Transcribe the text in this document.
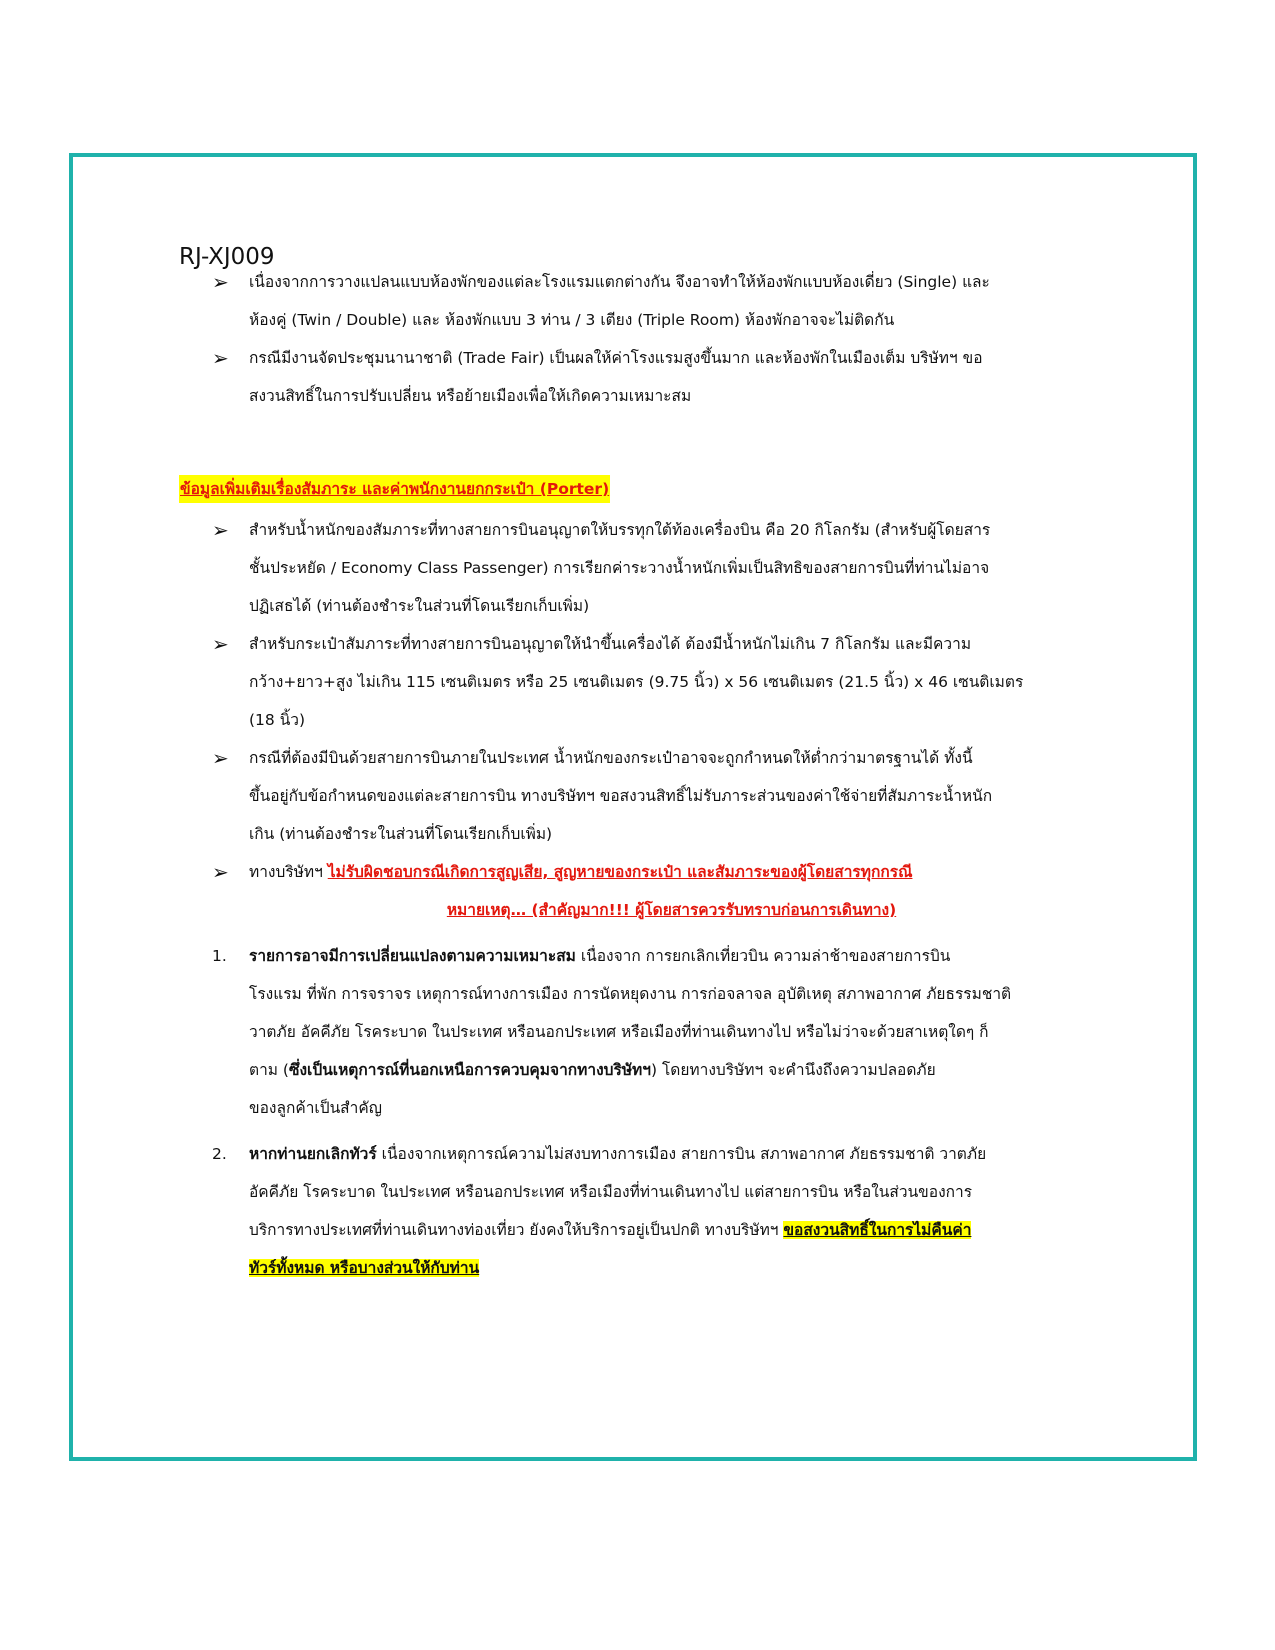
RJ-XJ009
➢ เนื่องจากการวางแปลนแบบห้องพักของแต่ละโรงแรมแตกต่างกัน จึงอาจทำให้ห้องพักแบบห้องเดี่ยว (Single) และ
ห้องคู่ (Twin / Double) และ ห้องพักแบบ 3 ท่าน / 3 เตียง (Triple Room) ห้องพักอาจจะไม่ติดกัน
➢ กรณีมีงานจัดประชุมนานาชาติ (Trade Fair) เป็นผลให้ค่าโรงแรมสูงขึ้นมาก และห้องพักในเมืองเต็ม บริษัทฯ ขอ
สงวนสิทธิ์ในการปรับเปลี่ยน หรือย้ายเมืองเพื่อให้เกิดความเหมาะสม
ข้อมูลเพิ่มเติมเรื่องสัมภาระ และค่าพนักงานยกกระเป๋า (Porter)
➢ สำหรับน้ำหนักของสัมภาระที่ทางสายการบินอนุญาตให้บรรทุกใต้ท้องเครื่องบิน คือ 20 กิโลกรัม (สำหรับผู้โดยสาร
ชั้นประหยัด / Economy Class Passenger) การเรียกค่าระวางน้ำหนักเพิ่มเป็นสิทธิของสายการบินที่ท่านไม่อาจ
ปฏิเสธได้ (ท่านต้องชำระในส่วนที่โดนเรียกเก็บเพิ่ม)
➢ สำหรับกระเป๋าสัมภาระที่ทางสายการบินอนุญาตให้นำขึ้นเครื่องได้ ต้องมีน้ำหนักไม่เกิน 7 กิโลกรัม และมีความ
กว้าง+ยาว+สูง ไม่เกิน 115 เซนติเมตร หรือ 25 เซนติเมตร (9.75 นิ้ว) x 56 เซนติเมตร (21.5 นิ้ว) x 46 เซนติเมตร
(18 นิ้ว)
➢ กรณีที่ต้องมีบินด้วยสายการบินภายในประเทศ น้ำหนักของกระเป๋าอาจจะถูกกำหนดให้ต่ำกว่ามาตรฐานได้ ทั้งนี้
ขึ้นอยู่กับข้อกำหนดของแต่ละสายการบิน ทางบริษัทฯ ขอสงวนสิทธิ์ไม่รับภาระส่วนของค่าใช้จ่ายที่สัมภาระน้ำหนัก
เกิน (ท่านต้องชำระในส่วนที่โดนเรียกเก็บเพิ่ม)
➢ ทางบริษัทฯ ไม่รับผิดชอบกรณีเกิดการสูญเสีย, สูญหายของกระเป๋า และสัมภาระของผู้โดยสารทุกกรณี
หมายเหตุ… (สำคัญมาก!!! ผู้โดยสารควรรับทราบก่อนการเดินทาง)
1. รายการอาจมีการเปลี่ยนแปลงตามความเหมาะสม เนื่องจาก การยกเลิกเที่ยวบิน ความล่าช้าของสายการบิน
โรงแรม ที่พัก การจราจร เหตุการณ์ทางการเมือง การนัดหยุดงาน การก่อจลาจล อุบัติเหตุ สภาพอากาศ ภัยธรรมชาติ
วาตภัย อัคคีภัย โรคระบาด ในประเทศ หรือนอกประเทศ หรือเมืองที่ท่านเดินทางไป หรือไม่ว่าจะด้วยสาเหตุใดๆ ก็
ตาม (ซึ่งเป็นเหตุการณ์ที่นอกเหนือการควบคุมจากทางบริษัทฯ) โดยทางบริษัทฯ จะคำนึงถึงความปลอดภัย
ของลูกค้าเป็นสำคัญ
2. หากท่านยกเลิกทัวร์ เนื่องจากเหตุการณ์ความไม่สงบทางการเมือง สายการบิน สภาพอากาศ ภัยธรรมชาติ วาตภัย
อัคคีภัย โรคระบาด ในประเทศ หรือนอกประเทศ หรือเมืองที่ท่านเดินทางไป แต่สายการบิน หรือในส่วนของการ
บริการทางประเทศที่ท่านเดินทางท่องเที่ยว ยังคงให้บริการอยู่เป็นปกติ ทางบริษัทฯ ขอสงวนสิทธิ์ในการไม่คืนค่า
ทัวร์ทั้งหมด หรือบางส่วนให้กับท่าน
